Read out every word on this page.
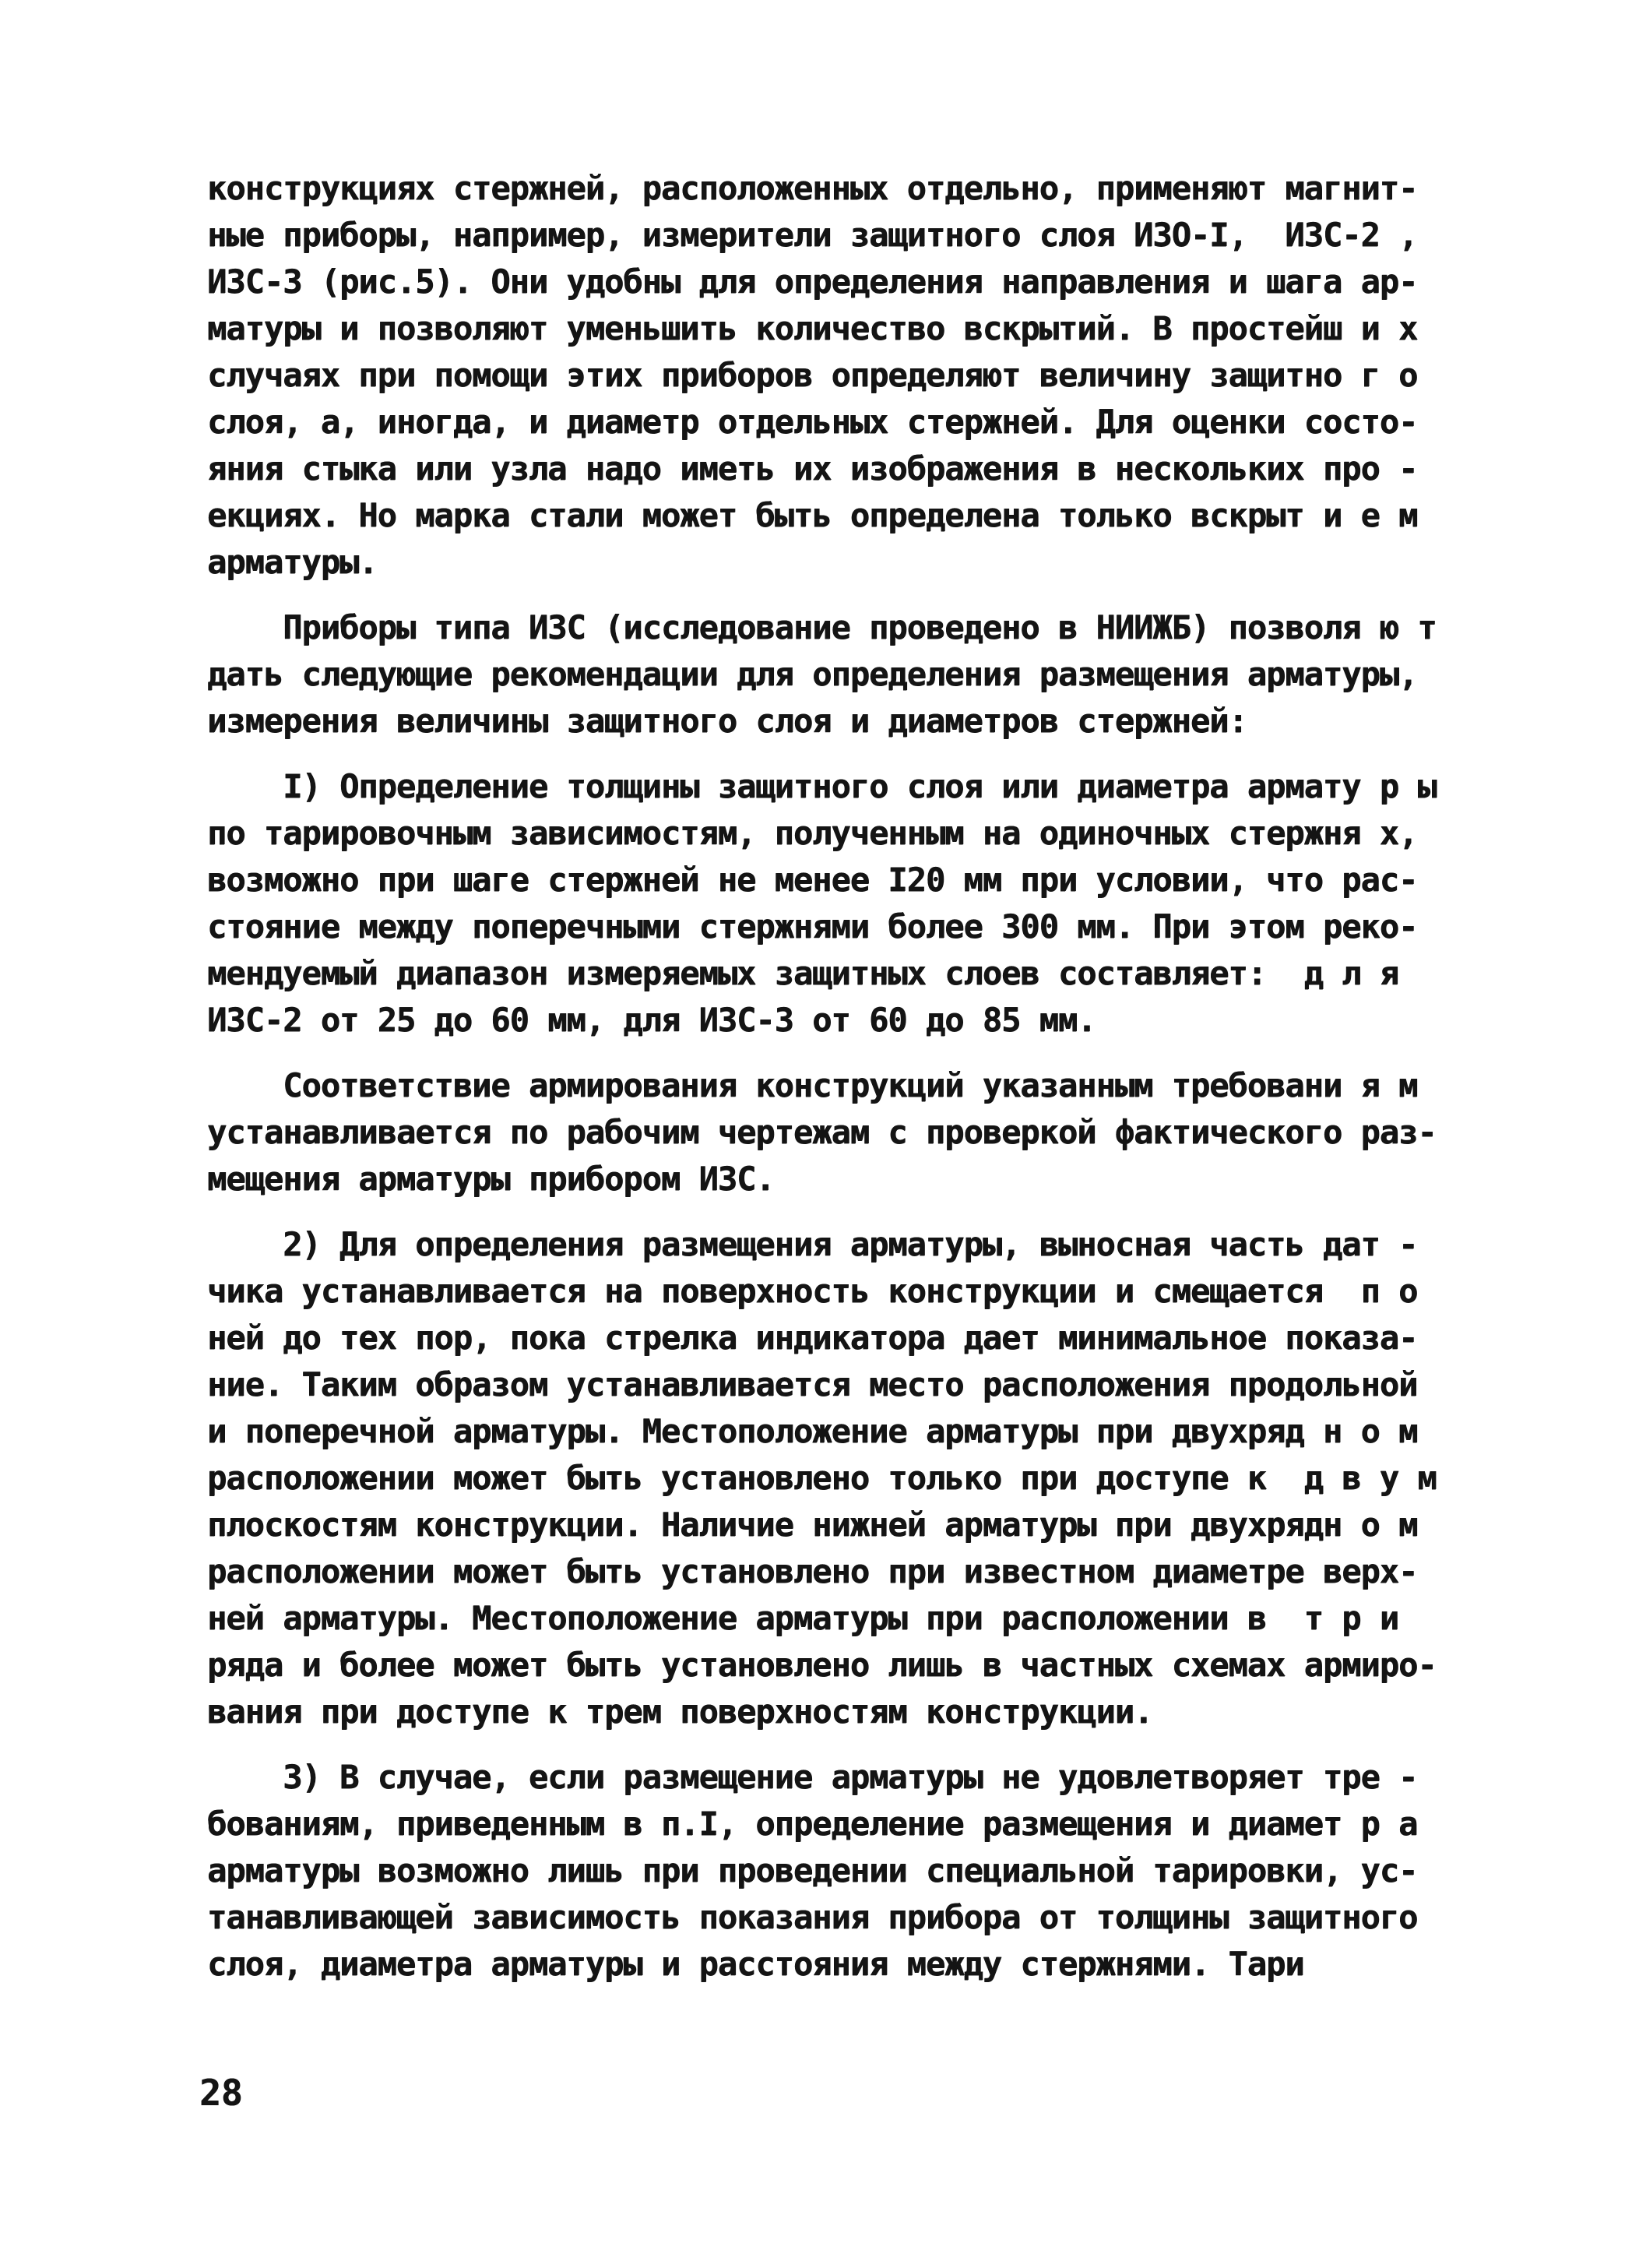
конструкциях стержней, расположенных отдельно, применяют магнит-
ные приборы, например, измерители защитного слоя ИЗО-I,  ИЗС-2 ,
ИЗС-3 (рис.5). Они удобны для определения направления и шага ар-
матуры и позволяют уменьшить количество вскрытий. В простейш и х
случаях при помощи этих приборов определяют величину защитно г о
слоя, а, иногда, и диаметр отдельных стержней. Для оценки состо-
яния стыка или узла надо иметь их изображения в нескольких про -
екциях. Но марка стали может быть определена только вскрыт и е м
арматуры.
Приборы типа ИЗС (исследование проведено в НИИЖБ) позволя ю т
дать следующие рекомендации для определения размещения арматуры,
измерения величины защитного слоя и диаметров стержней:
I) Определение толщины защитного слоя или диаметра армату р ы
по тарировочным зависимостям, полученным на одиночных стержня х,
возможно при шаге стержней не менее I20 мм при условии, что рас-
стояние между поперечными стержнями более 300 мм. При этом реко-
мендуемый диапазон измеряемых защитных слоев составляет:  д л я
ИЗС-2 от 25 до 60 мм, для ИЗС-3 от 60 до 85 мм.
Соответствие армирования конструкций указанным требовани я м
устанавливается по рабочим чертежам с проверкой фактического раз-
мещения арматуры прибором ИЗС.
2) Для определения размещения арматуры, выносная часть дат -
чика устанавливается на поверхность конструкции и смещается  п о
ней до тех пор, пока стрелка индикатора дает минимальное показа-
ние. Таким образом устанавливается место расположения продольной
и поперечной арматуры. Местоположение арматуры при двухряд н о м
расположении может быть установлено только при доступе к  д в у м
плоскостям конструкции. Наличие нижней арматуры при двухрядн о м
расположении может быть установлено при известном диаметре верх-
ней арматуры. Местоположение арматуры при расположении в  т р и
ряда и более может быть установлено лишь в частных схемах армиро-
вания при доступе к трем поверхностям конструкции.
3) В случае, если размещение арматуры не удовлетворяет тре -
бованиям, приведенным в п.I, определение размещения и диамет р а
арматуры возможно лишь при проведении специальной тарировки, ус-
танавливающей зависимость показания прибора от толщины защитного
слоя, диаметра арматуры и расстояния между стержнями. Тари
28
